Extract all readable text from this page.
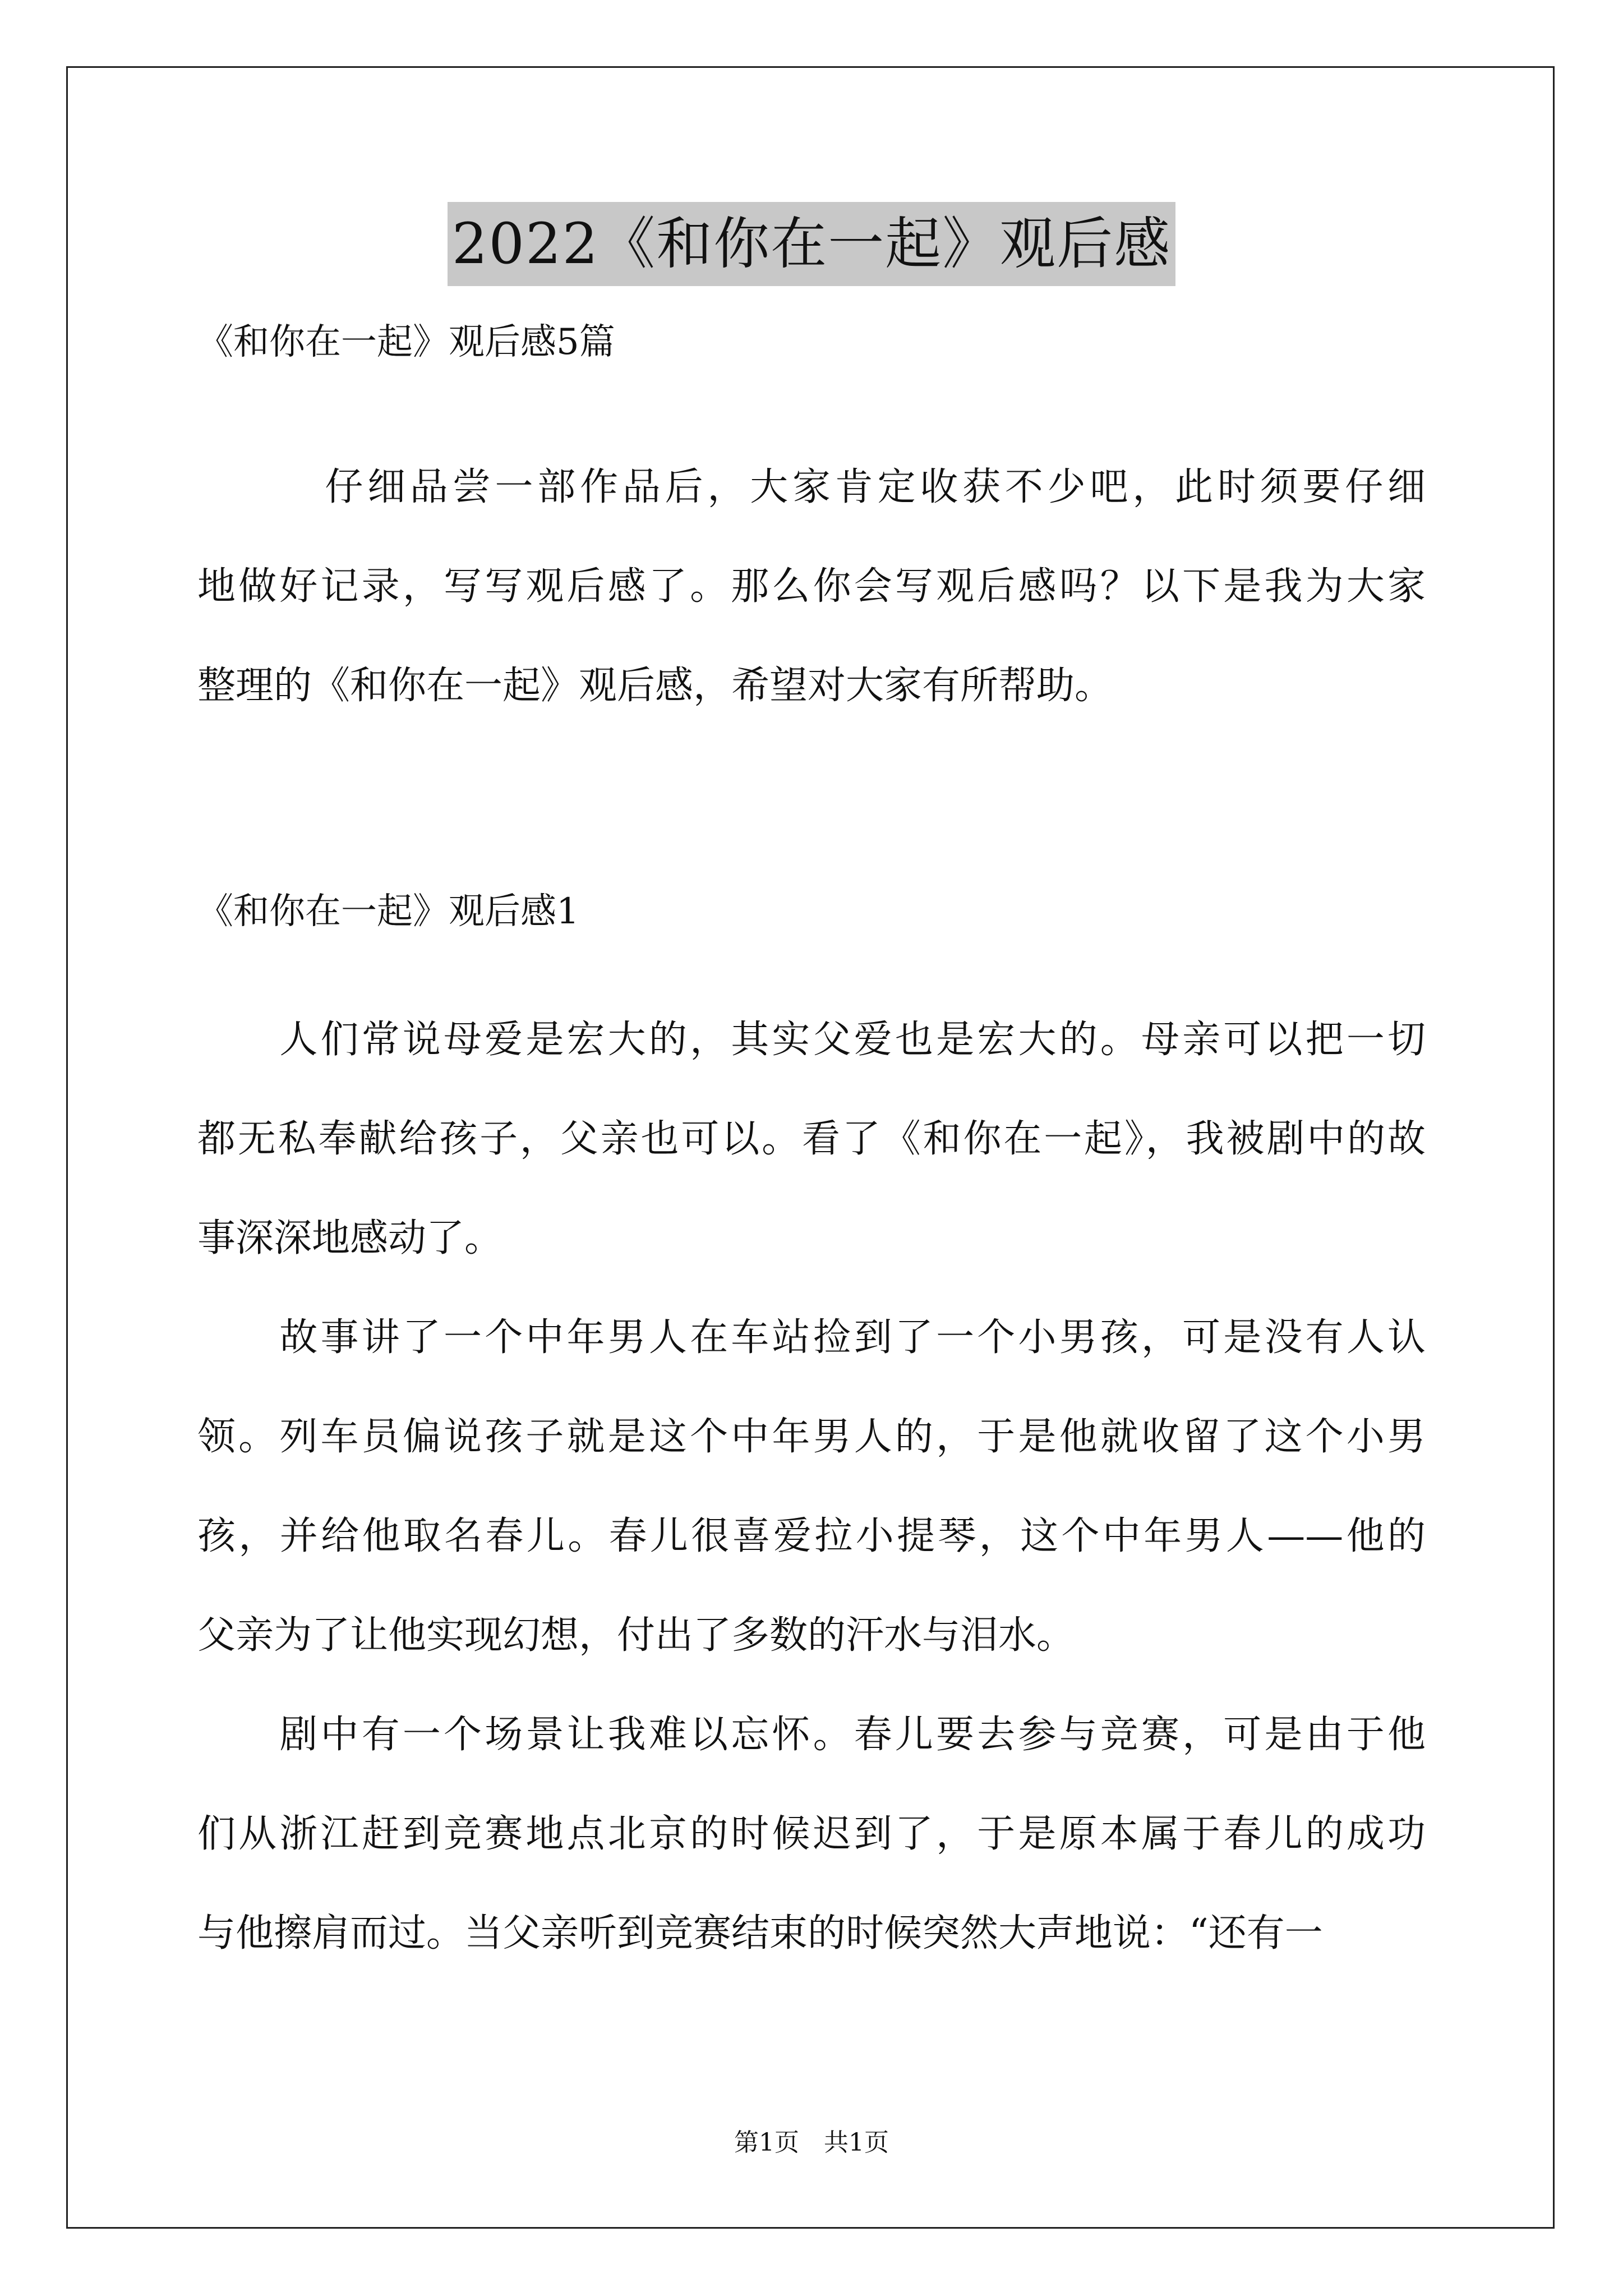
2022《和你在一起》观后感
《和你在一起》观后感5篇

　　　仔细品尝一部作品后，大家肯定收获不少吧，此时须要仔细
地做好记录，写写观后感了。那么你会写观后感吗？以下是我为大家
整理的《和你在一起》观后感，希望对大家有所帮助。

《和你在一起》观后感1

　　人们常说母爱是宏大的，其实父爱也是宏大的。母亲可以把一切
都无私奉献给孩子，父亲也可以。看了《和你在一起》，我被剧中的故
事深深地感动了。

　　故事讲了一个中年男人在车站捡到了一个小男孩，可是没有人认
领。列车员偏说孩子就是这个中年男人的，于是他就收留了这个小男
孩，并给他取名春儿。春儿很喜爱拉小提琴，这个中年男人——他的
父亲为了让他实现幻想，付出了多数的汗水与泪水。

　　剧中有一个场景让我难以忘怀。春儿要去参与竞赛，可是由于他
们从浙江赶到竞赛地点北京的时候迟到了，于是原本属于春儿的成功
与他擦肩而过。当父亲听到竞赛结束的时候突然大声地说：“还有一

第1页　共1页
